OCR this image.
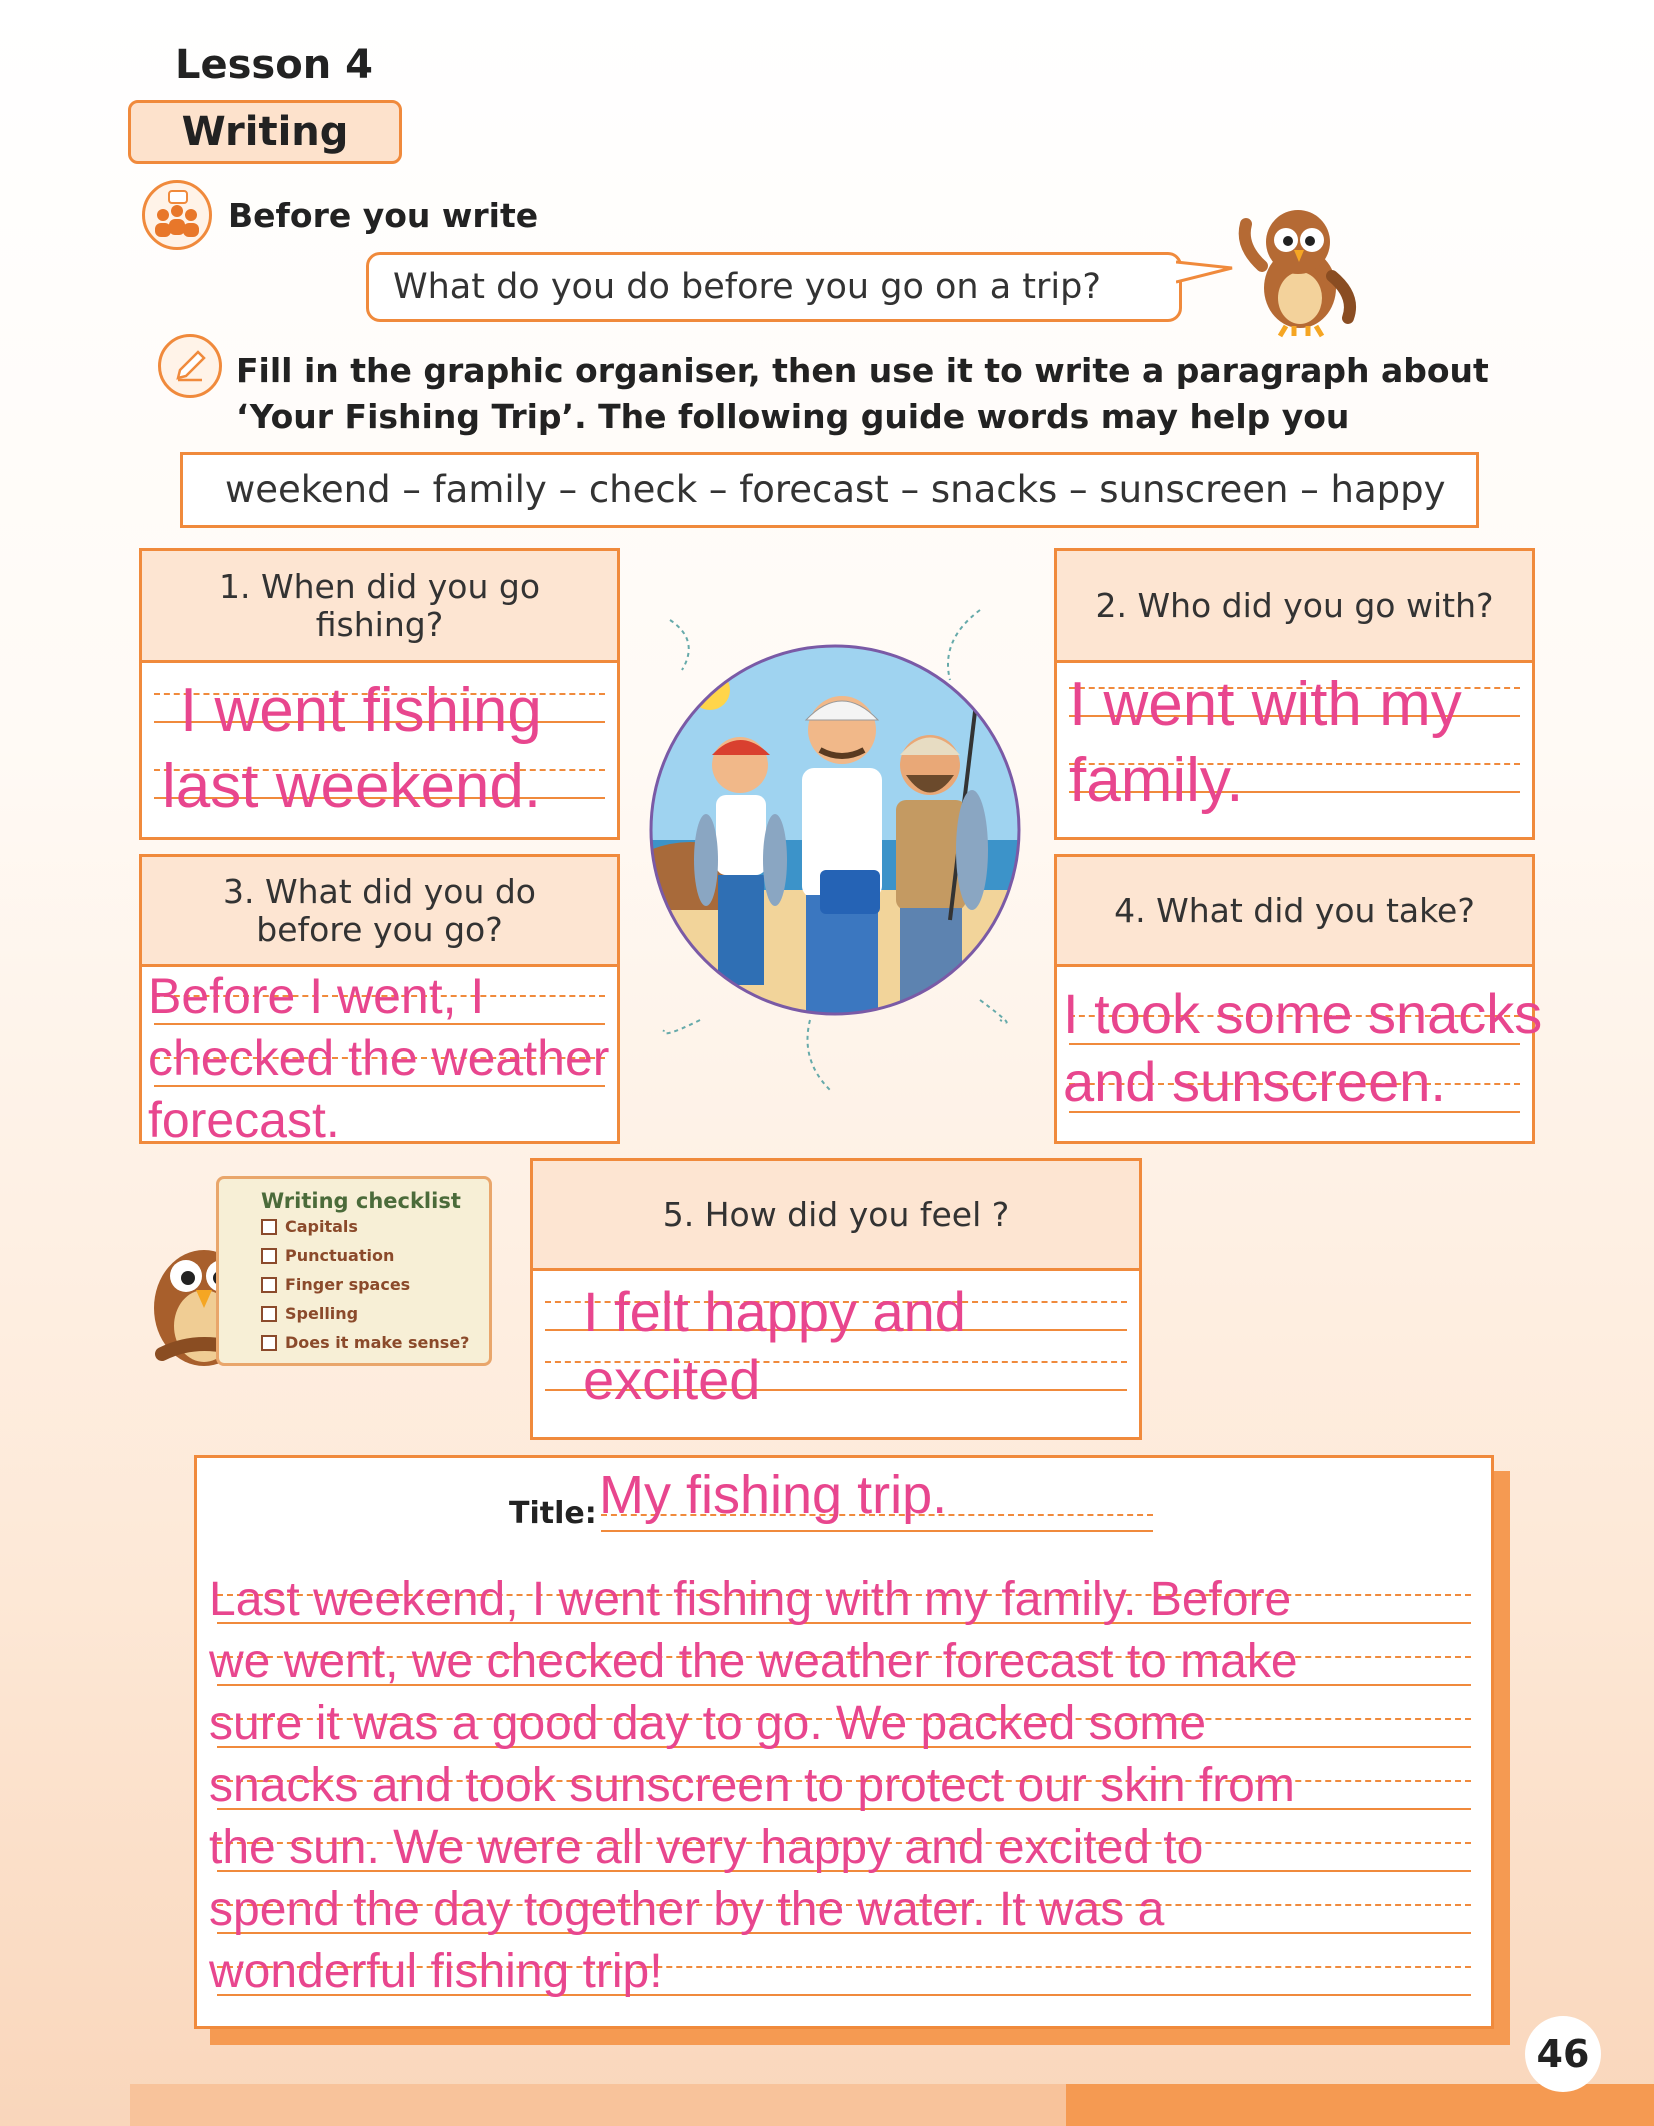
Lesson 4
Writing
Before you write
What do you do before you go on a trip?
Fill in the graphic organiser, then use it to write a paragraph about
‘Your Fishing Trip’. The following guide words may help you
weekend – family – check – forecast – snacks – sunscreen – happy
1. When did you go
fishing?
I went fishing
last weekend.
2. Who did you go with?
I went with my
family.
3. What did you do
before you go?
Before I went, I
checked the weather
forecast.
4. What did you take?
I took some snacks
and sunscreen.
Writing checklist
Capitals
Punctuation
Finger spaces
Spelling
Does it make sense?
5. How did you feel ?
I felt happy and
excited
Title: My fishing trip.
Last weekend, I went fishing with my family. Before
we went, we checked the weather forecast to make
sure it was a good day to go. We packed some
snacks and took sunscreen to protect our skin from
the sun. We were all very happy and excited to
spend the day together by the water. It was a
wonderful fishing trip!
46
